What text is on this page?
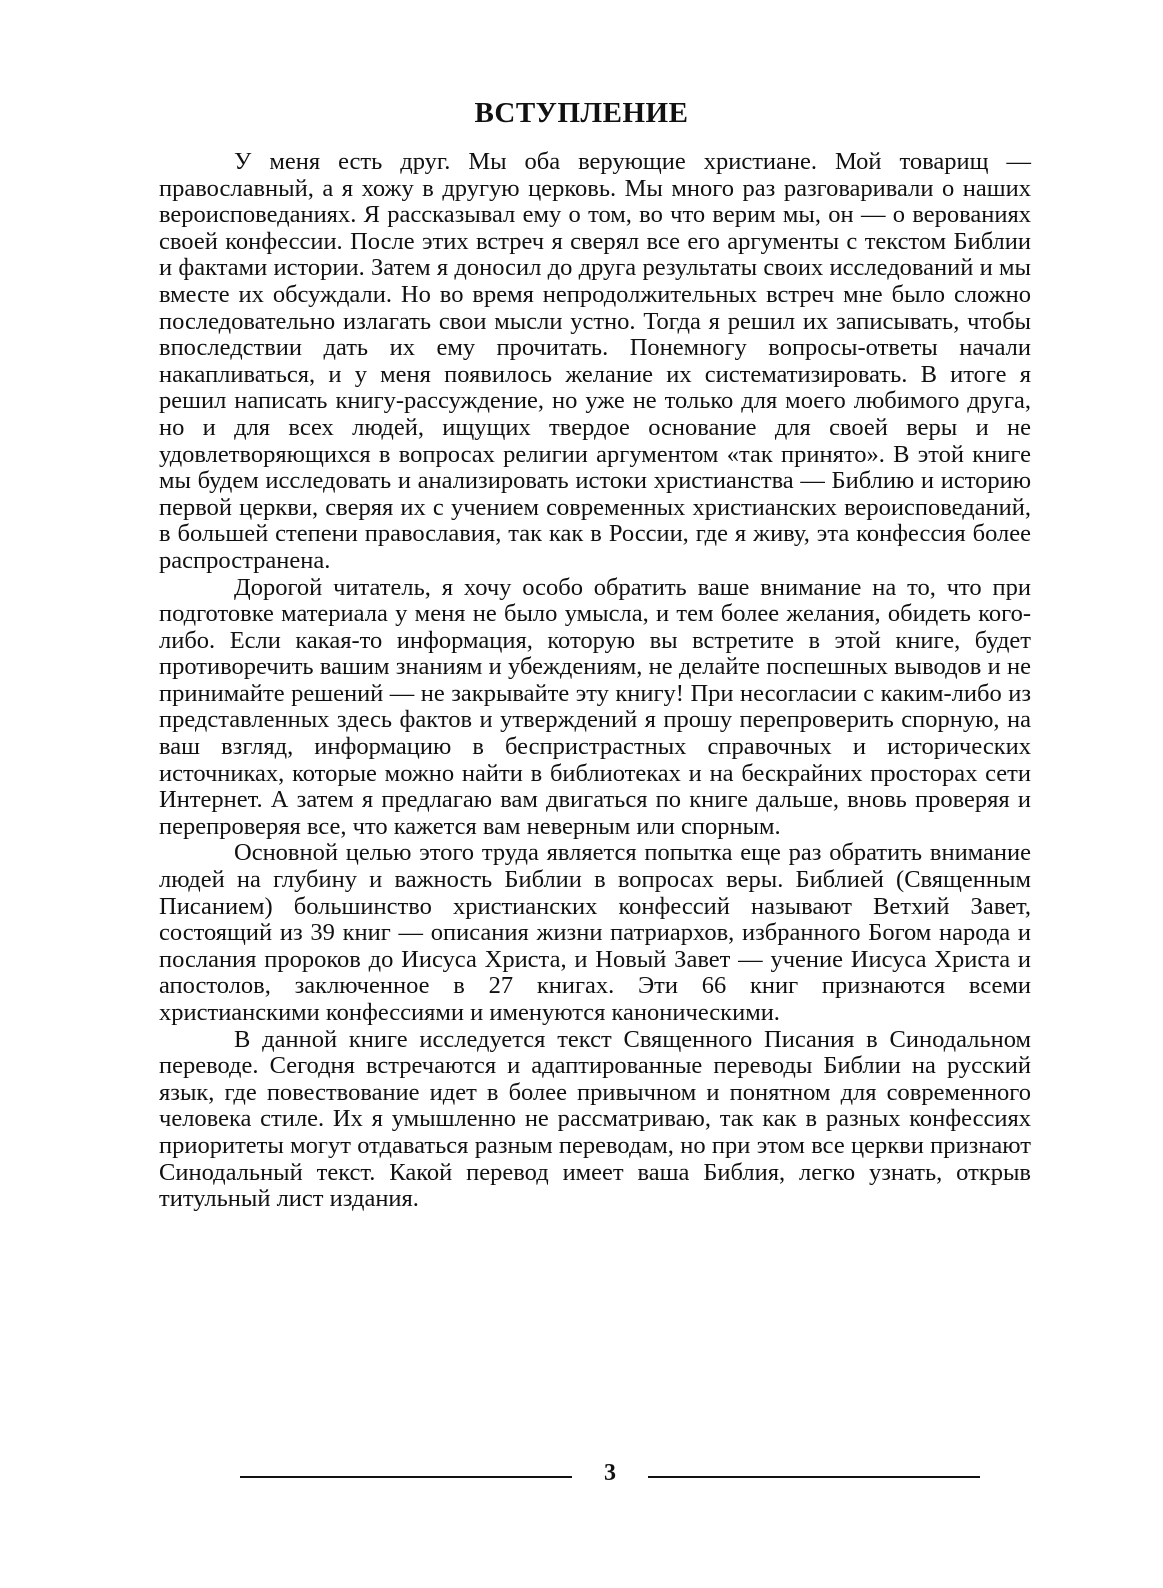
ВСТУПЛЕНИЕ

У меня есть друг. Мы оба верующие христиане. Мой товарищ — православный, а я хожу в другую церковь. Мы много раз разговаривали о наших вероисповеданиях. Я рассказывал ему о том, во что верим мы, он — о верованиях своей конфессии. После этих встреч я сверял все его аргументы с текстом Библии и фактами истории. Затем я доносил до друга результаты своих исследований и мы вместе их обсуждали. Но во время непродолжительных встреч мне было сложно последовательно излагать свои мысли устно. Тогда я решил их записывать, чтобы впоследствии дать их ему прочитать. Понемногу вопросы-ответы начали накапливаться, и у меня появилось желание их систематизировать. В итоге я решил написать книгу-рассуждение, но уже не только для моего любимого друга, но и для всех людей, ищущих твердое основание для своей веры и не удовлетворяющихся в вопросах религии аргументом «так принято». В этой книге мы будем исследовать и анализировать истоки христианства — Библию и историю первой церкви, сверяя их с учением современных христианских вероисповеданий, в большей степени православия, так как в России, где я живу, эта конфессия более распространена.

Дорогой читатель, я хочу особо обратить ваше внимание на то, что при подготовке материала у меня не было умысла, и тем более желания, обидеть кого-либо. Если какая-то информация, которую вы встретите в этой книге, будет противоречить вашим знаниям и убеждениям, не делайте поспешных выводов и не принимайте решений — не закрывайте эту книгу! При несогласии с каким-либо из представленных здесь фактов и утверждений я прошу перепроверить спорную, на ваш взгляд, информацию в беспристрастных справочных и исторических источниках, которые можно найти в библиотеках и на бескрайних просторах сети Интернет. А затем я предлагаю вам двигаться по книге дальше, вновь проверяя и перепроверяя все, что кажется вам неверным или спорным.

Основной целью этого труда является попытка еще раз обратить внимание людей на глубину и важность Библии в вопросах веры. Библией (Священным Писанием) большинство христианских конфессий называют Ветхий Завет, состоящий из 39 книг — описания жизни патриархов, избранного Богом народа и послания пророков до Иисуса Христа, и Новый Завет — учение Иисуса Христа и апостолов, заключенное в 27 книгах. Эти 66 книг признаются всеми христианскими конфессиями и именуются каноническими.

В данной книге исследуется текст Священного Писания в Синодальном переводе. Сегодня встречаются и адаптированные переводы Библии на русский язык, где повествование идет в более привычном и понятном для современного человека стиле. Их я умышленно не рассматриваю, так как в разных конфессиях приоритеты могут отдаваться разным переводам, но при этом все церкви признают Синодальный текст. Какой перевод имеет ваша Библия, легко узнать, открыв титульный лист издания.

3
